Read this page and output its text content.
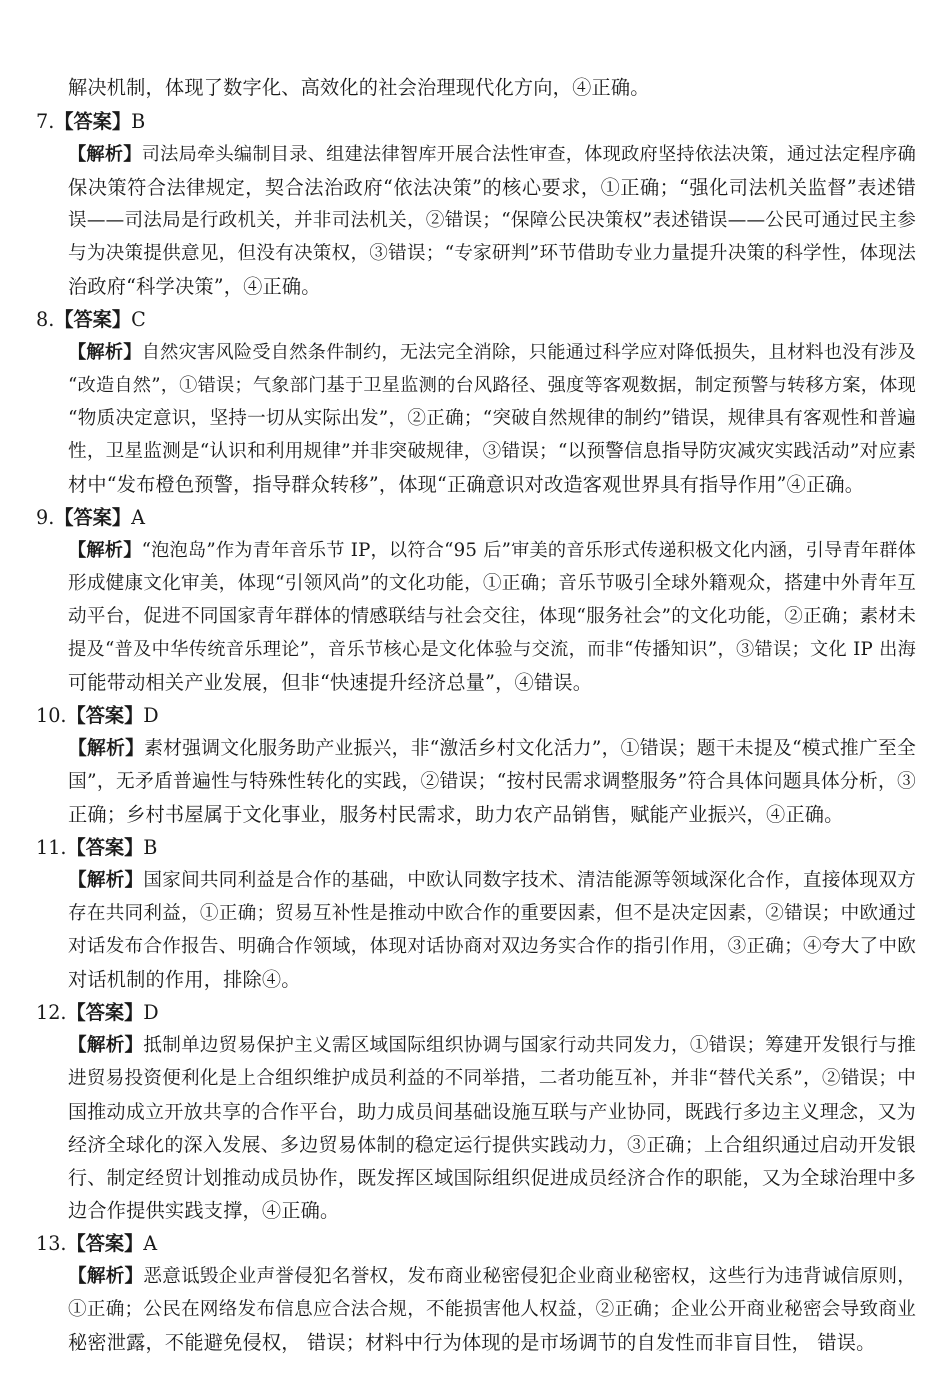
解决机制，体现了数字化、高效化的社会治理现代化方向，④正确。
7.【答案】B
【解析】司法局牵头编制目录、组建法律智库开展合法性审查，体现政府坚持依法决策，通过法定程序确
保决策符合法律规定，契合法治政府“依法决策”的核心要求，①正确；“强化司法机关监督”表述错
误——司法局是行政机关，并非司法机关，②错误；“保障公民决策权”表述错误——公民可通过民主参
与为决策提供意见，但没有决策权，③错误；“专家研判”环节借助专业力量提升决策的科学性，体现法
治政府“科学决策”，④正确。
8.【答案】C
【解析】自然灾害风险受自然条件制约，无法完全消除，只能通过科学应对降低损失，且材料也没有涉及
“改造自然”，①错误；气象部门基于卫星监测的台风路径、强度等客观数据，制定预警与转移方案，体现
“物质决定意识，坚持一切从实际出发”，②正确；“突破自然规律的制约”错误，规律具有客观性和普遍
性，卫星监测是“认识和利用规律”并非突破规律，③错误；“以预警信息指导防灾减灾实践活动”对应素
材中“发布橙色预警，指导群众转移”，体现“正确意识对改造客观世界具有指导作用”④正确。
9.【答案】A
【解析】“泡泡岛”作为青年音乐节 IP，以符合“95 后”审美的音乐形式传递积极文化内涵，引导青年群体
形成健康文化审美，体现“引领风尚”的文化功能，①正确；音乐节吸引全球外籍观众，搭建中外青年互
动平台，促进不同国家青年群体的情感联结与社会交往，体现“服务社会”的文化功能，②正确；素材未
提及“普及中华传统音乐理论”，音乐节核心是文化体验与交流，而非“传播知识”，③错误；文化 IP 出海
可能带动相关产业发展，但非“快速提升经济总量”，④错误。
10.【答案】D
【解析】素材强调文化服务助产业振兴，非“激活乡村文化活力”，①错误；题干未提及“模式推广至全
国”，无矛盾普遍性与特殊性转化的实践，②错误；“按村民需求调整服务”符合具体问题具体分析，③
正确；乡村书屋属于文化事业，服务村民需求，助力农产品销售，赋能产业振兴，④正确。
11.【答案】B
【解析】国家间共同利益是合作的基础，中欧认同数字技术、清洁能源等领域深化合作，直接体现双方
存在共同利益，①正确；贸易互补性是推动中欧合作的重要因素，但不是决定因素，②错误；中欧通过
对话发布合作报告、明确合作领域，体现对话协商对双边务实合作的指引作用，③正确；④夸大了中欧
对话机制的作用，排除④。
12.【答案】D
【解析】抵制单边贸易保护主义需区域国际组织协调与国家行动共同发力，①错误；筹建开发银行与推
进贸易投资便利化是上合组织维护成员利益的不同举措，二者功能互补，并非“替代关系”，②错误；中
国推动成立开放共享的合作平台，助力成员间基础设施互联与产业协同，既践行多边主义理念，又为
经济全球化的深入发展、多边贸易体制的稳定运行提供实践动力，③正确；上合组织通过启动开发银
行、制定经贸计划推动成员协作，既发挥区域国际组织促进成员经济合作的职能，又为全球治理中多
边合作提供实践支撑，④正确。
13.【答案】A
【解析】恶意诋毁企业声誉侵犯名誉权，发布商业秘密侵犯企业商业秘密权，这些行为违背诚信原则，
①正确；公民在网络发布信息应合法合规，不能损害他人权益，②正确；企业公开商业秘密会导致商业
秘密泄露，不能避免侵权， 错误；材料中行为体现的是市场调节的自发性而非盲目性， 错误。
